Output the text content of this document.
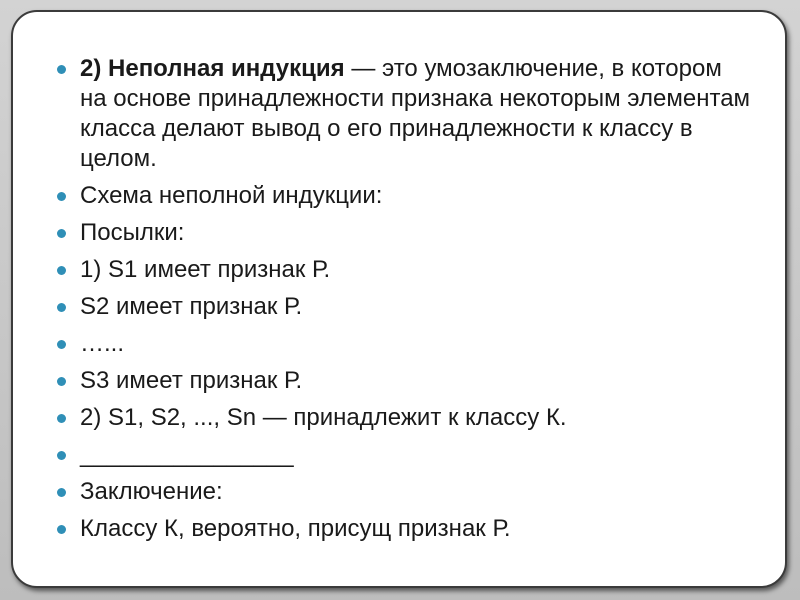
2) Неполная индукция — это умозаключение, в котором на основе принадлежности признака некоторым элементам класса делают вывод о его принадлежности к классу в целом.
Схема неполной индукции:
Посылки:
1) S1 имеет признак Р.
S2 имеет признак Р.
…...
S3 имеет признак Р.
2) S1, S2, ..., Sn — принадлежит к классу К.
________________
Заключение:
Классу К, вероятно, присущ признак Р.
